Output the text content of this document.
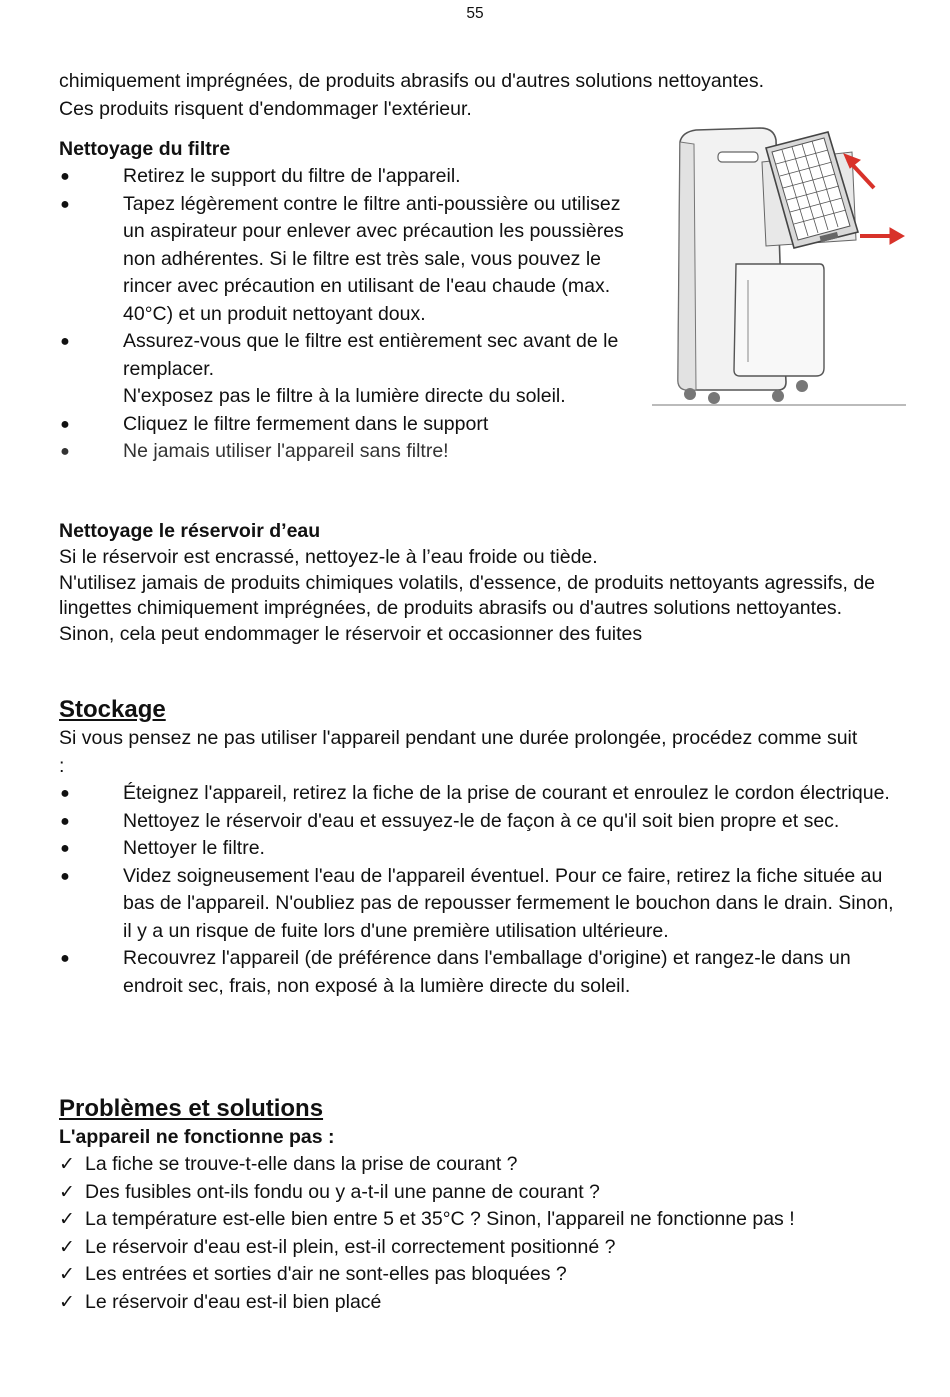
55

chimiquement imprégnées, de produits abrasifs ou d'autres solutions nettoyantes.

Ces produits risquent d'endommager l'extérieur.

Nettoyage du filtre

●	Retirez le support du filtre de l'appareil.
●	Tapez légèrement contre le filtre anti-poussière ou utilisez un aspirateur pour enlever avec précaution les poussières non adhérentes. Si le filtre est très sale, vous pouvez le rincer avec précaution en utilisant de l'eau chaude (max. 40°C) et un produit nettoyant doux.
●	Assurez-vous que le filtre est entièrement sec avant de le remplacer.
N'exposez pas le filtre à la lumière directe du soleil.
●	Cliquez le filtre fermement dans le support
●	Ne jamais utiliser l'appareil sans filtre!

Nettoyage le réservoir d’eau

Si le réservoir est encrassé, nettoyez-le à l’eau froide ou tiède.

N'utilisez jamais de produits chimiques volatils, d'essence, de produits nettoyants agressifs, de lingettes chimiquement imprégnées, de produits abrasifs ou d'autres solutions nettoyantes. Sinon, cela peut endommager le réservoir et occasionner des fuites

Stockage

Si vous pensez ne pas utiliser l'appareil pendant une durée prolongée, procédez comme suit :

●	Éteignez l'appareil, retirez la fiche de la prise de courant et enroulez le cordon électrique.
●	Nettoyez le réservoir d'eau et essuyez-le de façon à ce qu'il soit bien propre et sec.
●	Nettoyer le filtre.
●	Videz soigneusement l'eau de l'appareil éventuel. Pour ce faire, retirez la fiche située au bas de l'appareil. N'oubliez pas de repousser fermement le bouchon dans le drain. Sinon, il y a un risque de fuite lors d'une première utilisation ultérieure.
●	Recouvrez l'appareil (de préférence dans l'emballage d'origine) et rangez-le dans un endroit sec, frais, non exposé à la lumière directe du soleil.

Problèmes et solutions

L'appareil ne fonctionne pas :

✓ La fiche se trouve-t-elle dans la prise de courant ?
✓ Des fusibles ont-ils fondu ou y a-t-il une panne de courant ?
✓ La température est-elle bien entre 5 et 35°C ? Sinon, l'appareil ne fonctionne pas !
✓ Le réservoir d'eau est-il plein, est-il correctement positionné ?
✓ Les entrées et sorties d'air ne sont-elles pas bloquées ?
✓ Le réservoir d'eau est-il bien placé
